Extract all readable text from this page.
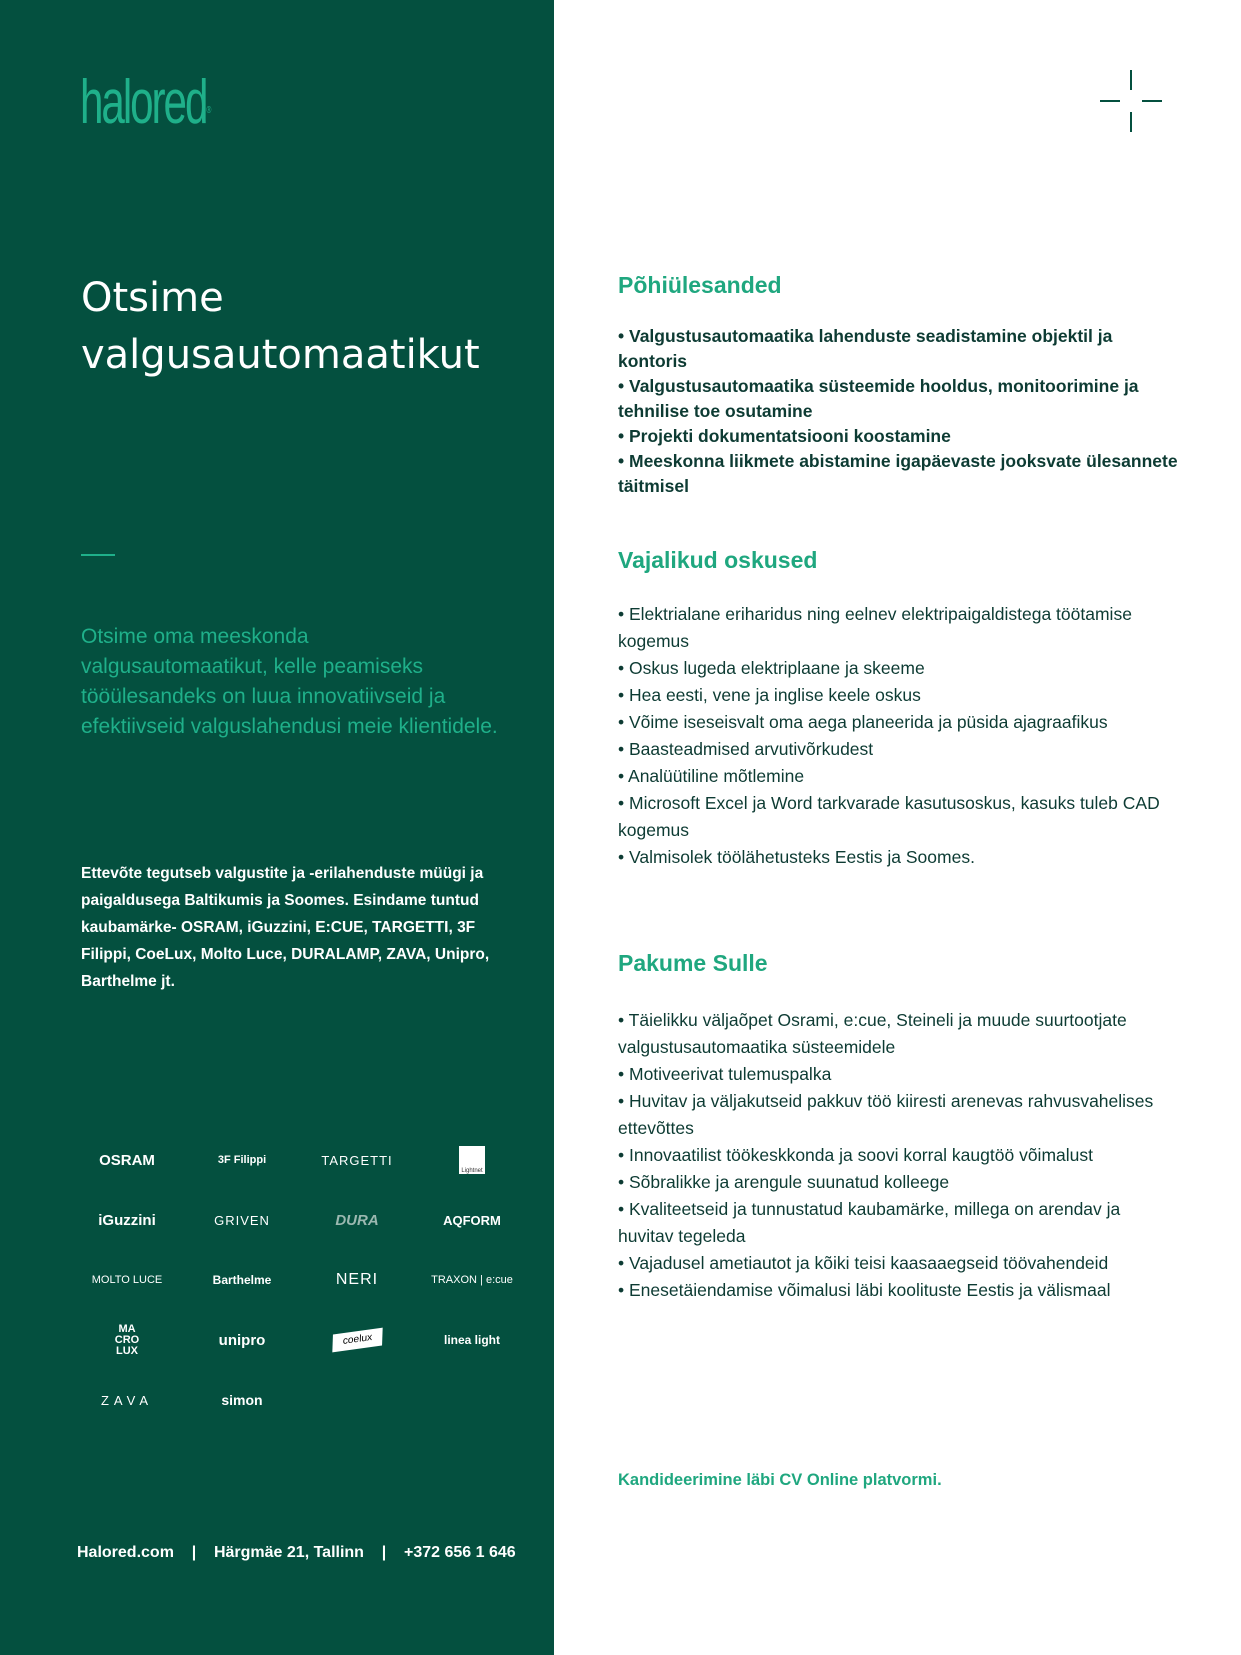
halored®
Otsime
valgusautomaatikut
Otsime oma meeskonda valgusautomaatikut, kelle peamiseks tööülesandeks on luua innovatiivseid ja efektiivseid valguslahendusi meie klientidele.
Ettevõte tegutseb valgustite ja -erilahenduste müügi ja paigaldusega Baltikumis ja Soomes. Esindame tuntud kaubamärke- OSRAM, iGuzzini, E:CUE, TARGETTI, 3F Filippi, CoeLux, Molto Luce, DURALAMP, ZAVA, Unipro, Barthelme jt.
OSRAM	3F Filippi	TARGETTI
Lightnet
iGuzzini	GRIVEN	DURA	AQFORM
MOLTO LUCE	Barthelme	NERI	TRAXON | e:cue
MA CRO LUX
unipro	coelux	linea light
ZAVA	simon
Halored.com | Härgmäe 21, Tallinn | +372 656 1 646
Põhiülesanded
• Valgustusautomaatika lahenduste seadistamine objektil ja kontoris
• Valgustusautomaatika süsteemide hooldus, monitoorimine ja tehnilise toe osutamine
• Projekti dokumentatsiooni koostamine
• Meeskonna liikmete abistamine igapäevaste jooksvate ülesannete täitmisel
Vajalikud oskused
• Elektrialane eriharidus ning eelnev elektripaigaldistega töötamise kogemus
• Oskus lugeda elektriplaane ja skeeme
• Hea eesti, vene ja inglise keele oskus
• Võime iseseisvalt oma aega planeerida ja püsida ajagraafikus
• Baasteadmised arvutivõrkudest
• Analüütiline mõtlemine
• Microsoft Excel ja Word tarkvarade kasutusoskus, kasuks tuleb CAD kogemus
• Valmisolek töölähetusteks Eestis ja Soomes.
Pakume Sulle
• Täielikku väljaõpet Osrami, e:cue, Steineli ja muude suurtootjate valgustusautomaatika süsteemidele
• Motiveerivat tulemuspalka
• Huvitav ja väljakutseid pakkuv töö kiiresti arenevas rahvusvahelises ettevõttes
• Innovaatilist töökeskkonda ja soovi korral kaugtöö võimalust
• Sõbralikke ja arengule suunatud kolleege
• Kvaliteetseid ja tunnustatud kaubamärke, millega on arendav ja huvitav tegeleda
• Vajadusel ametiautot ja kõiki teisi kaasaaegseid töövahendeid
• Enesetäiendamise võimalusi läbi koolituste Eestis ja välismaal
Kandideerimine läbi CV Online platvormi.
